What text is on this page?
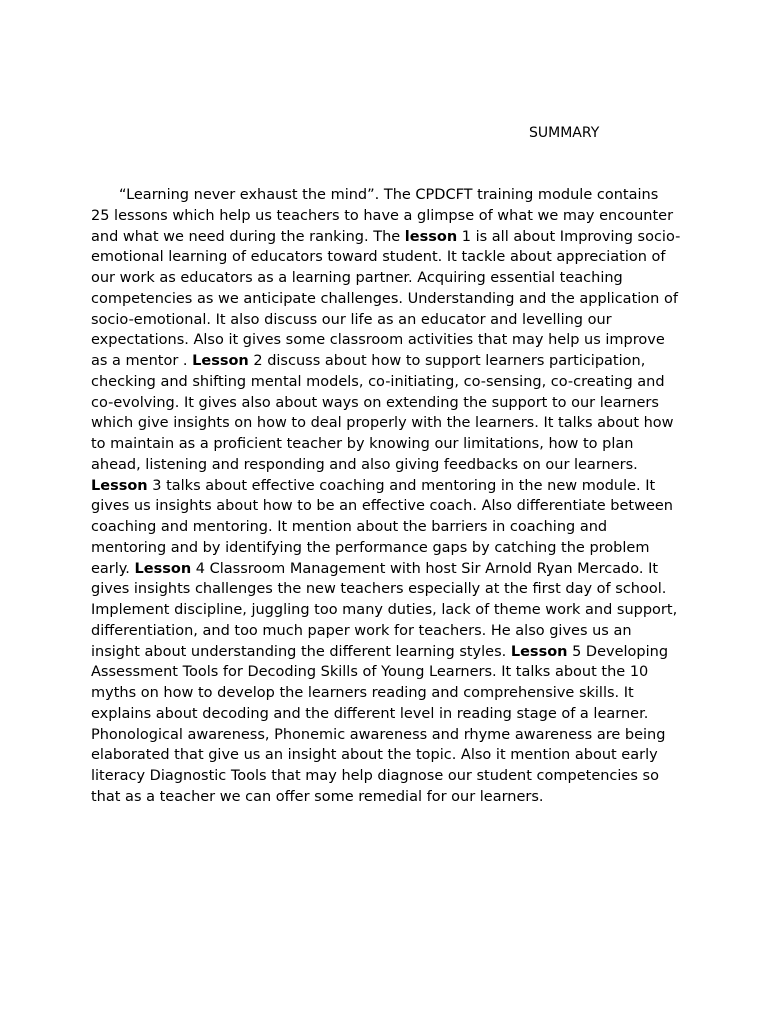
SUMMARY

“Learning never exhaust the mind”. The CPDCFT training module contains 25 lessons which help us teachers to have a glimpse of what we may encounter and what we need during the ranking. The lesson 1 is all about Improving socio-emotional learning of educators toward student. It tackle about appreciation of our work as educators as a learning partner. Acquiring essential teaching competencies as we anticipate challenges. Understanding and the application of socio-emotional. It also discuss our life as an educator and levelling our expectations. Also it gives some classroom activities that may help us improve as a mentor . Lesson 2 discuss about how to support learners participation, checking and shifting mental models, co-initiating, co-sensing, co-creating and co-evolving. It gives also about ways on extending the support to our learners which give insights on how to deal properly with the learners. It talks about how to maintain as a proficient teacher by knowing our limitations, how to plan ahead, listening and responding and also giving feedbacks on our learners. Lesson 3 talks about effective coaching and mentoring in the new module. It gives us insights about how to be an effective coach. Also differentiate between coaching and mentoring. It mention about the barriers in coaching and mentoring and by identifying the performance gaps by catching the problem early. Lesson 4 Classroom Management with host Sir Arnold Ryan Mercado. It gives insights challenges the new teachers especially at the first day of school. Implement discipline, juggling too many duties, lack of theme work and support, differentiation, and too much paper work for teachers. He also gives us an insight about understanding the different learning styles. Lesson 5 Developing Assessment Tools for Decoding Skills of Young Learners. It talks about the 10 myths on how to develop the learners reading and comprehensive skills. It explains about decoding and the different level in reading stage of a learner. Phonological awareness, Phonemic awareness and rhyme awareness are being elaborated that give us an insight about the topic. Also it mention about early literacy Diagnostic Tools that may help diagnose our student competencies so that as a teacher we can offer some remedial for our learners.
